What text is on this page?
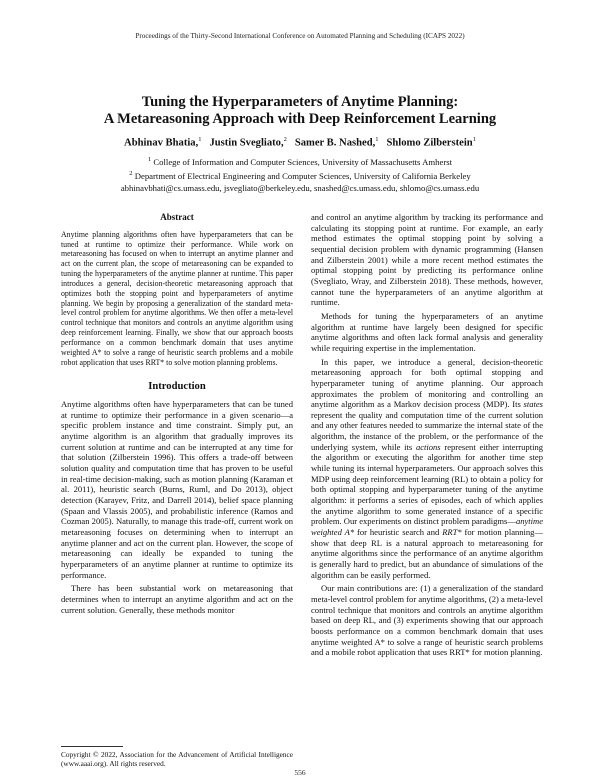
Proceedings of the Thirty-Second International Conference on Automated Planning and Scheduling (ICAPS 2022)
Tuning the Hyperparameters of Anytime Planning:
A Metareasoning Approach with Deep Reinforcement Learning
Abhinav Bhatia,$^1$ Justin Svegliato,$^2$ Samer B. Nashed,$^1$ Shlomo Zilberstein$^1$
$^1$ College of Information and Computer Sciences, University of Massachusetts Amherst
$^2$ Department of Electrical Engineering and Computer Sciences, University of California Berkeley
abhinavbhati@cs.umass.edu, jsvegliato@berkeley.edu, snashed@cs.umass.edu, shlomo@cs.umass.edu
Abstract

Anytime planning algorithms often have hyperparameters that can be tuned at runtime to optimize their performance. While work on metareasoning has focused on when to interrupt an anytime planner and act on the current plan, the scope of metareasoning can be expanded to tuning the hyperparameters of the anytime planner at runtime. This paper introduces a general, decision-theoretic metareasoning approach that optimizes both the stopping point and hyperparameters of anytime planning. We begin by proposing a generalization of the standard meta-level control problem for anytime algorithms. We then offer a meta-level control technique that monitors and controls an anytime algorithm using deep reinforcement learning. Finally, we show that our approach boosts performance on a common benchmark domain that uses anytime weighted A* to solve a range of heuristic search problems and a mobile robot application that uses RRT* to solve motion planning problems.

Introduction

Anytime algorithms often have hyperparameters that can be tuned at runtime to optimize their performance in a given scenario—a specific problem instance and time constraint. Simply put, an anytime algorithm is an algorithm that gradually improves its current solution at runtime and can be interrupted at any time for that solution (Zilberstein 1996). This offers a trade-off between solution quality and computation time that has proven to be useful in real-time decision-making, such as motion planning (Karaman et al. 2011), heuristic search (Burns, Ruml, and Do 2013), object detection (Karayev, Fritz, and Darrell 2014), belief space planning (Spaan and Vlassis 2005), and probabilistic inference (Ramos and Cozman 2005). Naturally, to manage this trade-off, current work on metareasoning focuses on determining when to interrupt an anytime planner and act on the current plan. However, the scope of metareasoning can ideally be expanded to tuning the hyperparameters of an anytime planner at runtime to optimize its performance.

There has been substantial work on metareasoning that determines when to interrupt an anytime algorithm and act on the current solution. Generally, these methods monitor

and control an anytime algorithm by tracking its performance and calculating its stopping point at runtime. For example, an early method estimates the optimal stopping point by solving a sequential decision problem with dynamic programming (Hansen and Zilberstein 2001) while a more recent method estimates the optimal stopping point by predicting its performance online (Svegliato, Wray, and Zilberstein 2018). These methods, however, cannot tune the hyperparameters of an anytime algorithm at runtime.

Methods for tuning the hyperparameters of an anytime algorithm at runtime have largely been designed for specific anytime algorithms and often lack formal analysis and generality while requiring expertise in the implementation.

In this paper, we introduce a general, decision-theoretic metareasoning approach for both optimal stopping and hyperparameter tuning of anytime planning. Our approach approximates the problem of monitoring and controlling an anytime algorithm as a Markov decision process (MDP). Its states represent the quality and computation time of the current solution and any other features needed to summarize the internal state of the algorithm, the instance of the problem, or the performance of the underlying system, while its actions represent either interrupting the algorithm or executing the algorithm for another time step while tuning its internal hyperparameters. Our approach solves this MDP using deep reinforcement learning (RL) to obtain a policy for both optimal stopping and hyperparameter tuning of the anytime algorithm: it performs a series of episodes, each of which applies the anytime algorithm to some generated instance of a specific problem. Our experiments on distinct problem paradigms—anytime weighted A* for heuristic search and RRT* for motion planning—show that deep RL is a natural approach to metareasoning for anytime algorithms since the performance of an anytime algorithm is generally hard to predict, but an abundance of simulations of the algorithm can be easily performed.

Our main contributions are: (1) a generalization of the standard meta-level control problem for anytime algorithms, (2) a meta-level control technique that monitors and controls an anytime algorithm based on deep RL, and (3) experiments showing that our approach boosts performance on a common benchmark domain that uses anytime weighted A* to solve a range of heuristic search problems and a mobile robot application that uses RRT* for motion planning.

Copyright © 2022, Association for the Advancement of Artificial Intelligence (www.aaai.org). All rights reserved.
556
